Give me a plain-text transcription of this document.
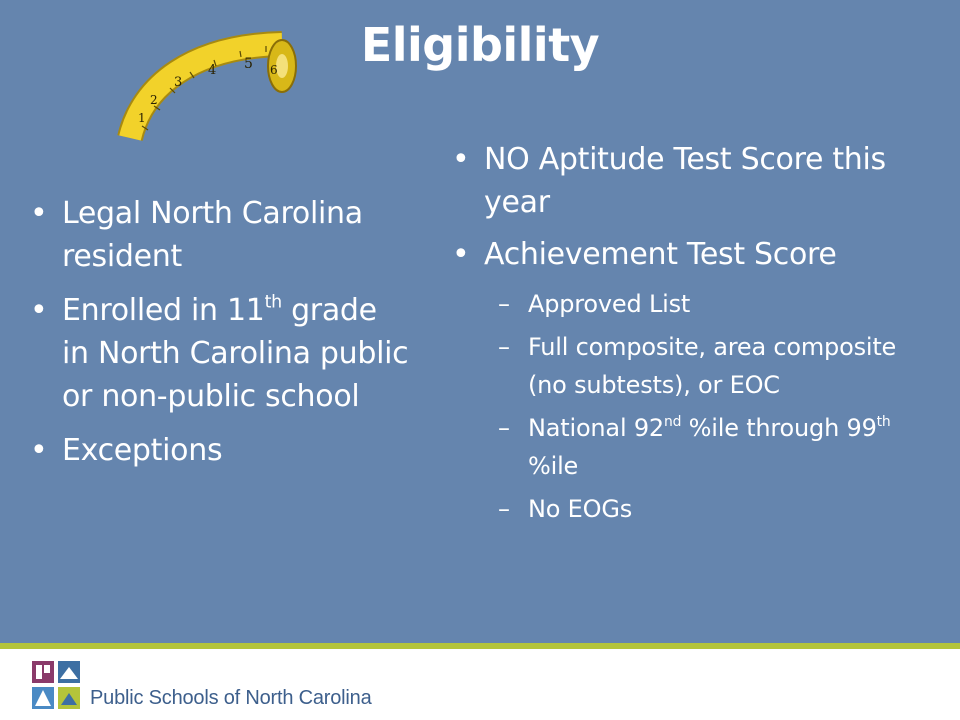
1
2
3
4 5 6	Eligibility
• Legal North Carolina resident
• Enrolled in 11th grade in North Carolina public or non-public school
• Exceptions
• NO Aptitude Test Score this year
• Achievement Test Score
– Approved List
– Full composite, area composite (no subtests), or EOC
– National 92nd %ile through 99th %ile
– No EOGs
Public Schools of North Carolina
